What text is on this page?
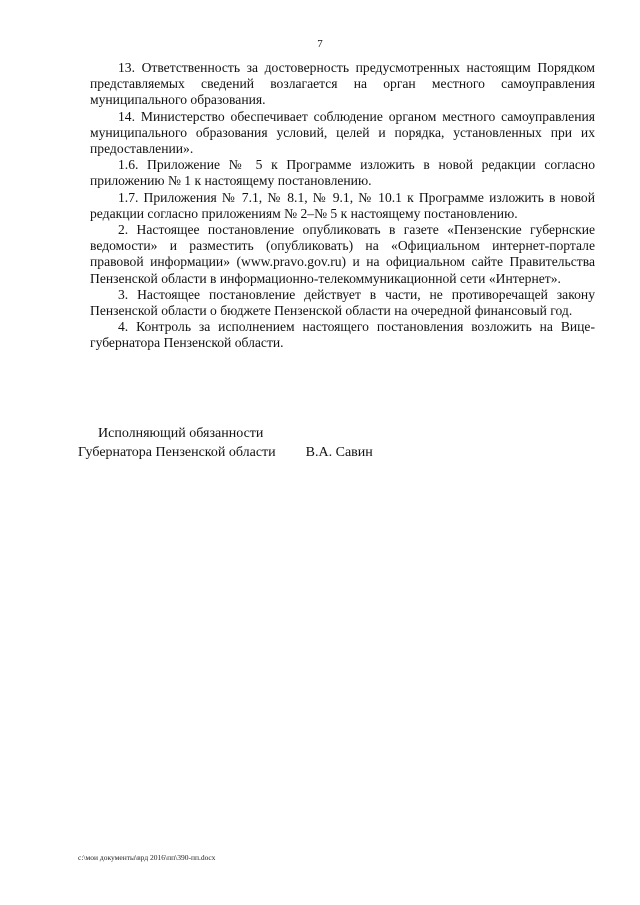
7

13. Ответственность за достоверность предусмотренных настоящим Порядком представляемых сведений возлагается на орган местного самоуправления муниципального образования.

14. Министерство обеспечивает соблюдение органом местного самоуправления муниципального образования условий, целей и порядка, установленных при их предоставлении».

1.6. Приложение № 5 к Программе изложить в новой редакции согласно приложению № 1 к настоящему постановлению.

1.7. Приложения № 7.1, № 8.1, № 9.1, № 10.1 к Программе изложить в новой редакции согласно приложениям № 2–№ 5 к настоящему постановлению.

2. Настоящее постановление опубликовать в газете «Пензенские губернские ведомости» и разместить (опубликовать) на «Официальном интернет-портале правовой информации» (www.pravo.gov.ru) и на официальном сайте Правительства Пензенской области в информационно-телекоммуникационной сети «Интернет».

3. Настоящее постановление действует в части, не противоречащей закону Пензенской области о бюджете Пензенской области на очередной финансовый год.

4. Контроль за исполнением настоящего постановления возложить на Вице-губернатора Пензенской области.

Исполняющий обязанности
Губернатора Пензенской области В.А. Савин
c:\мои документы\врд 2016\пп\390-пп.docx
